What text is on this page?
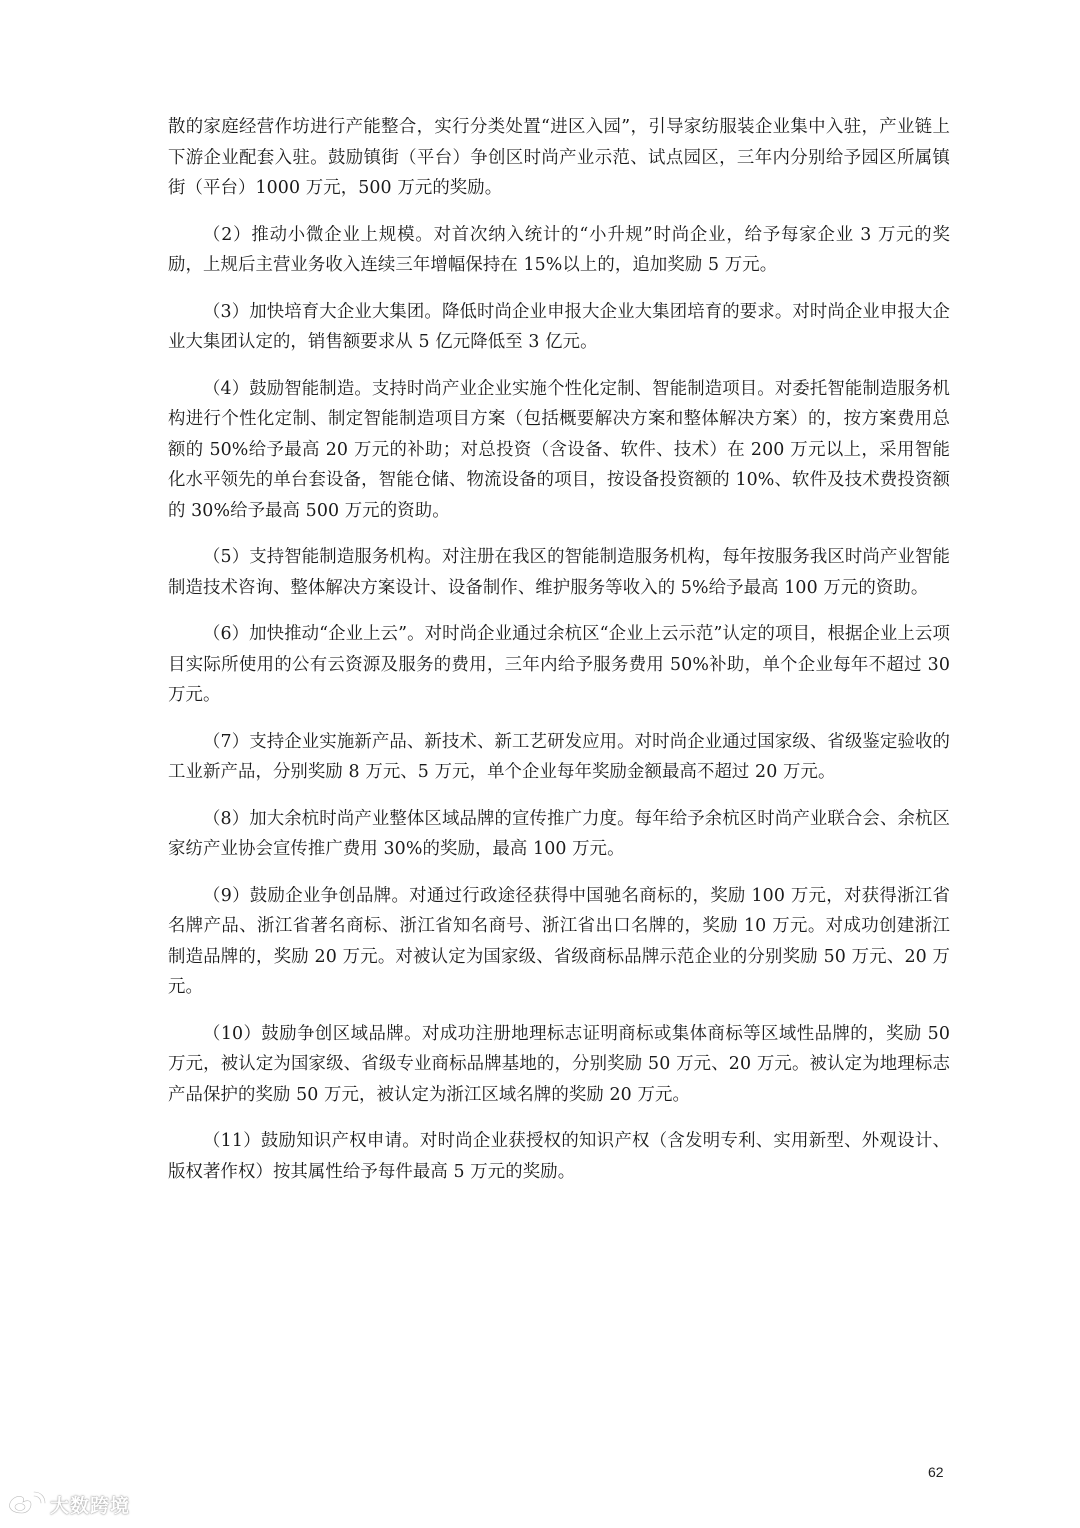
散的家庭经营作坊进行产能整合，实行分类处置“进区入园”，引导家纺服装企业集中入驻，产业链上下游企业配套入驻。鼓励镇街（平台）争创区时尚产业示范、试点园区，三年内分别给予园区所属镇街（平台）1000 万元，500 万元的奖励。

（2）推动小微企业上规模。对首次纳入统计的“小升规”时尚企业，给予每家企业 3 万元的奖励，上规后主营业务收入连续三年增幅保持在 15%以上的，追加奖励 5 万元。

（3）加快培育大企业大集团。降低时尚企业申报大企业大集团培育的要求。对时尚企业申报大企业大集团认定的，销售额要求从 5 亿元降低至 3 亿元。

（4）鼓励智能制造。支持时尚产业企业实施个性化定制、智能制造项目。对委托智能制造服务机构进行个性化定制、制定智能制造项目方案（包括概要解决方案和整体解决方案）的，按方案费用总额的 50%给予最高 20 万元的补助；对总投资（含设备、软件、技术）在 200 万元以上，采用智能化水平领先的单台套设备，智能仓储、物流设备的项目，按设备投资额的 10%、软件及技术费投资额的 30%给予最高 500 万元的资助。

（5）支持智能制造服务机构。对注册在我区的智能制造服务机构，每年按服务我区时尚产业智能制造技术咨询、整体解决方案设计、设备制作、维护服务等收入的 5%给予最高 100 万元的资助。

（6）加快推动“企业上云”。对时尚企业通过余杭区“企业上云示范”认定的项目，根据企业上云项目实际所使用的公有云资源及服务的费用，三年内给予服务费用 50%补助，单个企业每年不超过 30 万元。

（7）支持企业实施新产品、新技术、新工艺研发应用。对时尚企业通过国家级、省级鉴定验收的工业新产品，分别奖励 8 万元、5 万元，单个企业每年奖励金额最高不超过 20 万元。

（8）加大余杭时尚产业整体区域品牌的宣传推广力度。每年给予余杭区时尚产业联合会、余杭区家纺产业协会宣传推广费用 30%的奖励，最高 100 万元。

（9）鼓励企业争创品牌。对通过行政途径获得中国驰名商标的，奖励 100 万元，对获得浙江省名牌产品、浙江省著名商标、浙江省知名商号、浙江省出口名牌的，奖励 10 万元。对成功创建浙江制造品牌的，奖励 20 万元。对被认定为国家级、省级商标品牌示范企业的分别奖励 50 万元、20 万元。

（10）鼓励争创区域品牌。对成功注册地理标志证明商标或集体商标等区域性品牌的，奖励 50 万元，被认定为国家级、省级专业商标品牌基地的，分别奖励 50 万元、20 万元。被认定为地理标志产品保护的奖励 50 万元，被认定为浙江区域名牌的奖励 20 万元。

（11）鼓励知识产权申请。对时尚企业获授权的知识产权（含发明专利、实用新型、外观设计、版权著作权）按其属性给予每件最高 5 万元的奖励。

62
大数跨境
